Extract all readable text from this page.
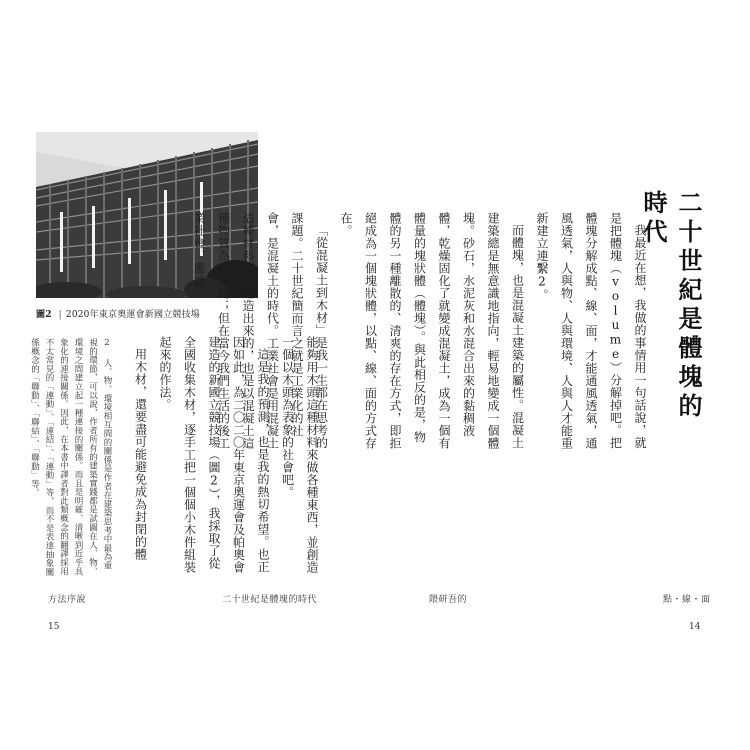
圖2 | 2020年東京奧運會新國立競技場

能夠用木頭這種材料來做各種東西，並創造一個以木頭為表象的社會吧。

這是我的預測，也是我的熱切希望。也正因如此，為二〇二〇年東京奧運會及帕奧會建造的新國立競技場（圖2），我採取了從全國收集木材，逐手工把一個個小木件組裝起來的作法。

用木材，還要盡可能避免成為封閉的體

2 人、物、環境相互間的關係是作者在建築思考中最為重視的環節，可以說，作者所有的建築實踐都是試圖在人、物、環境之間建立起一種連接的關係。而且是明確、清晰到近乎具象化的連接關係。因此，在本書中譯者對此類概念的翻譯採用不太常見的「連動」、「連結」、「連動」等，而不是表達抽象關係概念的「聯動」、「聯結」、「聯動」等。

方法序說	二十世紀是體塊的時代
15
隈研吾的	點・線・面
14
二十世紀是體塊的時代

我最近在想，我做的事情用一句話說，就是把體塊（volume）分解掉吧。把體塊分解成點、線、面，才能通風透氣，通風透氣，人與物、人與環境、人與人才能重新建立連繫2。

而體塊，也是混凝土建築的屬性。混凝土建築總是無意識地指向，輕易地變成一個體塊。砂石，水泥灰和水混合出來的黏稠液體，乾燥固化了就變成混凝土，成為一個有體量的塊狀體（體塊）。與此相反的是，物體的另一種離散的、清爽的存在方式，即拒絕成為一個塊狀體，以點、線、面的方式存在。

「從混凝土到木材」是我一生都在思考的課題。二十世紀簡而言之就是工業化的社會，是混凝土的時代。工業社會是用混凝土這種材料實際建造出來的，也是以混凝土這種物質為表象的；但在當今我們生活的後工業社會，應該
